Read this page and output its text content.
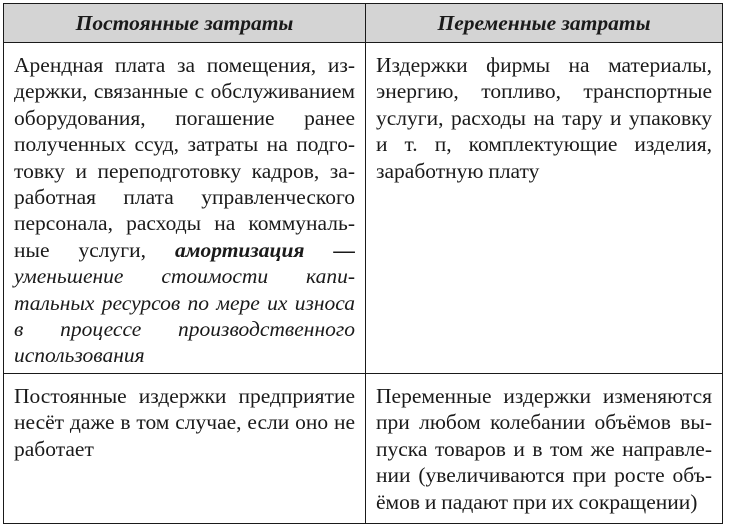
Постоянные затраты	Переменные затраты
Арендная плата за помещения, издержки, связанные с обслуживанием оборудования, погашение ранее полученных ссуд, затраты на подготовку и переподготовку кадров, заработная плата управленческого персонала, расходы на коммунальные услуги, амортизация — уменьшение стоимости капитальных ресурсов по мере их износа в процессе производственного использования	Издержки фирмы на материалы, энергию, топливо, транспортные услуги, расходы на тару и упаковку и т. п, комплектующие изделия, заработную плату
Постоянные издержки предприятие несёт даже в том случае, если оно не работает	Переменные издержки изменяются при любом колебании объёмов выпуска товаров и в том же направлении (увеличиваются при росте объёмов и падают при их сокращении)
